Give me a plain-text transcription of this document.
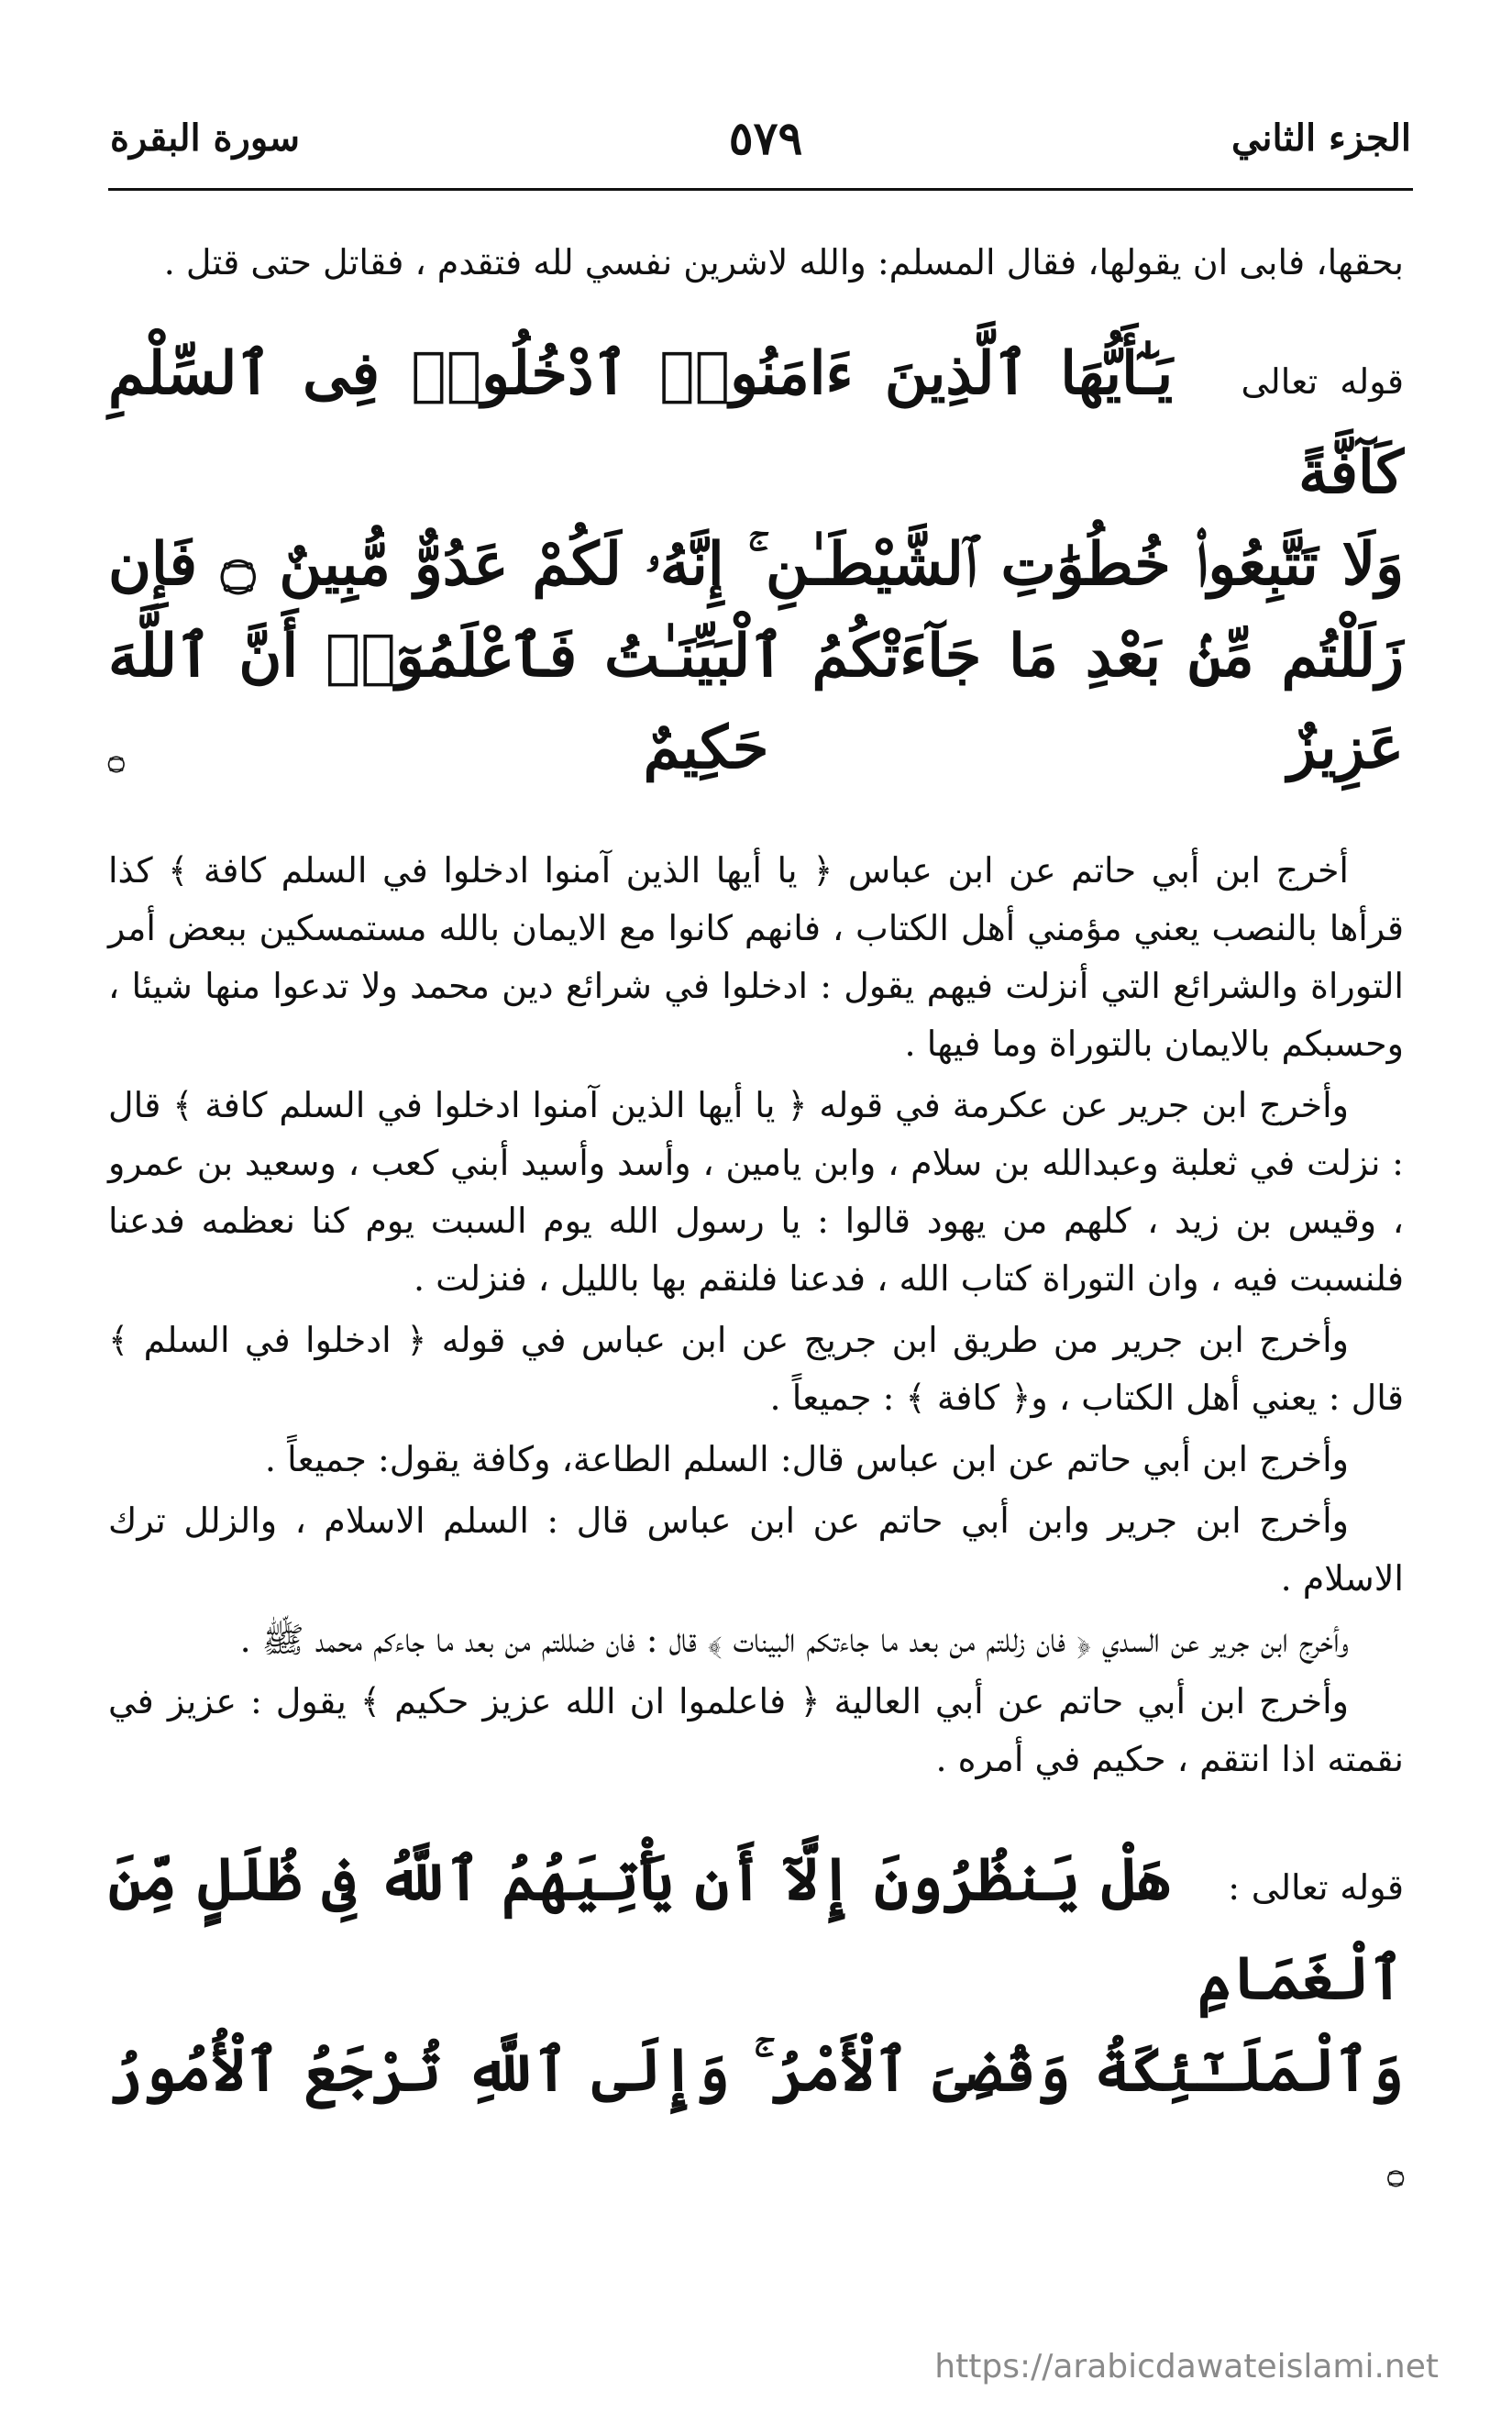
الجزء الثاني
٥٧٩
سورة البقرة

بحقها، فابى ان يقولها، فقال المسلم: والله لاشرين نفسي لله فتقدم ، فقاتل حتى قتل .

قوله تعالى يَـٰٓأَيُّهَا ٱلَّذِينَ ءَامَنُوا۟ ٱدْخُلُوا۟ فِى ٱلسِّلْمِ كَآفَّةً
وَلَا تَتَّبِعُوا۟ خُطُوَٰتِ ٱلشَّيْطَـٰنِ ۚ إِنَّهُۥ لَكُمْ عَدُوٌّ مُّبِينٌ ۝ فَإِن
زَلَلْتُم مِّنۢ بَعْدِ مَا جَآءَتْكُمُ ٱلْبَيِّنَـٰتُ فَٱعْلَمُوٓا۟ أَنَّ ٱللَّهَ عَزِيزٌ حَكِيمٌ ۝

أخرج ابن أبي حاتم عن ابن عباس ﴿ يا أيها الذين آمنوا ادخلوا في السلم كافة ﴾ كذا قرأها بالنصب يعني مؤمني أهل الكتاب ، فانهم كانوا مع الايمان بالله مستمسكين ببعض أمر التوراة والشرائع التي أنزلت فيهم يقول : ادخلوا في شرائع دين محمد ولا تدعوا منها شيئا ، وحسبكم بالايمان بالتوراة وما فيها .

وأخرج ابن جرير عن عكرمة في قوله ﴿ يا أيها الذين آمنوا ادخلوا في السلم كافة ﴾ قال : نزلت في ثعلبة وعبدالله بن سلام ، وابن يامين ، وأسد وأسيد أبني كعب ، وسعيد بن عمرو ، وقيس بن زيد ، كلهم من يهود قالوا : يا رسول الله يوم السبت يوم كنا نعظمه فدعنا فلنسبت فيه ، وان التوراة كتاب الله ، فدعنا فلنقم بها بالليل ، فنزلت .

وأخرج ابن جرير من طريق ابن جريج عن ابن عباس في قوله ﴿ ادخلوا في السلم ﴾ قال : يعني أهل الكتاب ، و﴿ كافة ﴾ : جميعاً .

وأخرج ابن أبي حاتم عن ابن عباس قال: السلم الطاعة، وكافة يقول: جميعاً .

وأخرج ابن جرير وابن أبي حاتم عن ابن عباس قال : السلم الاسلام ، والزلل ترك الاسلام .

وأخرج ابن جرير عن السدي ﴿ فان زللتم من بعد ما جاءتكم البينات ﴾ قال : فان ضللتم من بعد ما جاءكم محمد ﷺ .

وأخرج ابن أبي حاتم عن أبي العالية ﴿ فاعلموا ان الله عزيز حكيم ﴾ يقول : عزيز في نقمته اذا انتقم ، حكيم في أمره .

قوله تعالى : هَلْ يَنظُرُونَ إِلَّآ أَن يَأْتِيَهُمُ ٱللَّهُ فِى ظُلَلٍ مِّنَ ٱلْغَمَامِ
وَٱلْمَلَـٰٓئِكَةُ وَقُضِىَ ٱلْأَمْرُ ۚ وَإِلَى ٱللَّهِ تُرْجَعُ ٱلْأُمُورُ ۝
https://arabicdawateislami.net
